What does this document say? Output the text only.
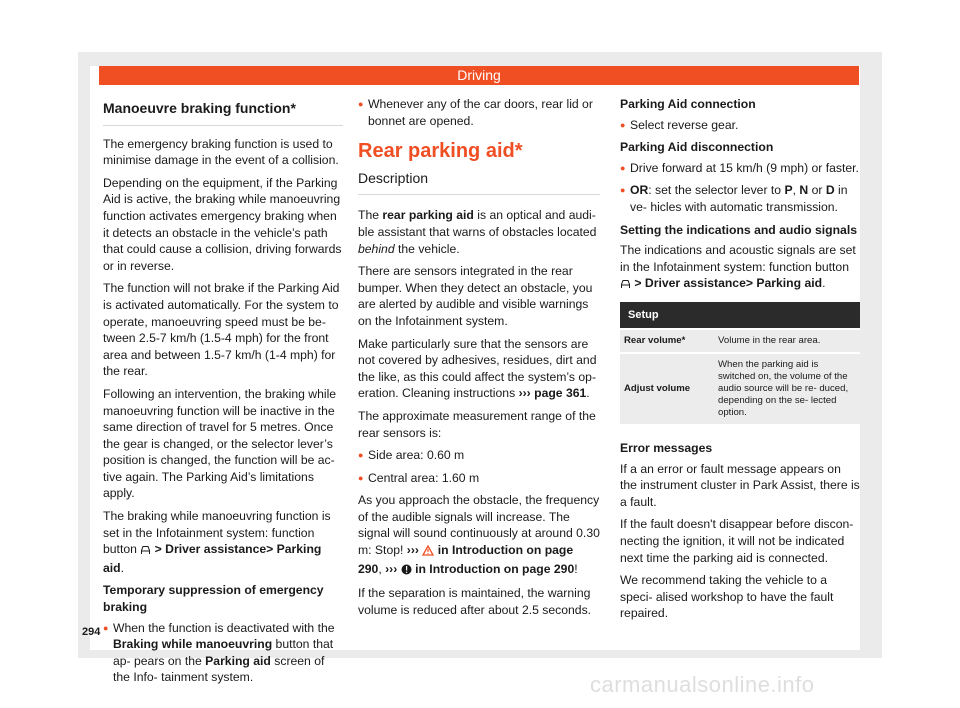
Driving
Manoeuvre braking function*

The emergency braking function is used to minimise damage in the event of a collision.

Depending on the equipment, if the Parking Aid is active, the braking while manoeuvring function activates emergency braking when it detects an obstacle in the vehicle’s path that could cause a collision, driving forwards or in reverse.

The function will not brake if the Parking Aid is activated automatically. For the system to operate, manoeuvring speed must be be- tween 2.5-7 km/h (1.5-4 mph) for the front area and between 1.5-7 km/h (1-4 mph) for the rear.

Following an intervention, the braking while manoeuvring function will be inactive in the same direction of travel for 5 metres. Once the gear is changed, or the selector lever’s position is changed, the function will be ac- tive again. The Parking Aid’s limitations apply.

The braking while manoeuvring function is set in the Infotainment system: function button > Driver assistance> Parking aid.

Temporary suppression of emergency braking
● When the function is deactivated with the Braking while manoeuvring button that ap- pears on the Parking aid screen of the Info- tainment system.
● Whenever any of the car doors, rear lid or bonnet are opened.
Rear parking aid*
Description

The rear parking aid is an optical and audi- ble assistant that warns of obstacles located behind the vehicle.

There are sensors integrated in the rear bumper. When they detect an obstacle, you are alerted by audible and visible warnings on the Infotainment system.

Make particularly sure that the sensors are not covered by adhesives, residues, dirt and the like, as this could affect the system’s op- eration. Cleaning instructions ››› page 361.

The approximate measurement range of the rear sensors is:

● Side area: 0.60 m
● Central area: 1.60 m

As you approach the obstacle, the frequency of the audible signals will increase. The signal will sound continuously at around 0.30 m: Stop! ››› in Introduction on page 290, ››› in Introduction on page 290!

If the separation is maintained, the warning volume is reduced after about 2.5 seconds.

Parking Aid connection
● Select reverse gear.
Parking Aid disconnection
● Drive forward at 15 km/h (9 mph) or faster.
● OR: set the selector lever to P, N or D in ve- hicles with automatic transmission.
Setting the indications and audio signals

The indications and acoustic signals are set in the Infotainment system: function button  > Driver assistance> Parking aid.

Setup	
Rear volume*	Volume in the rear area.
Adjust volume	When the parking aid is switched on, the volume of the audio source will be re- duced, depending on the se- lected option.
Error messages

If a an error or fault message appears on the instrument cluster in Park Assist, there is a fault.

If the fault doesn't disappear before discon- necting the ignition, it will not be indicated next time the parking aid is connected.

We recommend taking the vehicle to a speci- alised workshop to have the fault repaired.

294
carmanualsonline.info
